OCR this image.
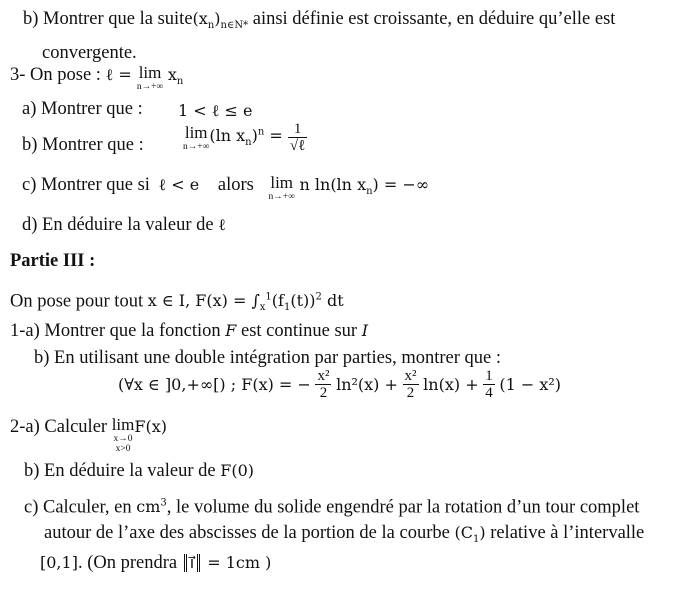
b) Montrer que la $suite(x_n)_{n\in N*}$ ainsi définie est croissante, en déduire qu’elle est
convergente.
3- On pose : ℓ = lim
n→+∞
$x_n$
a) Montrer que : 1 < ℓ ≤ e
b) Montrer que :
lim
n→+∞
(ln $x_n)^n = \frac{1}{\text{√ℓ}}$
c) Montrer que si ℓ < e alors lim
n→+∞
n ln(ln $x_n$) = −∞
d) En déduire la valeur de ℓ
Partie III :
On pose pour tout x ∈ I, $F(x) = \int_x^1(f_1(t))^2$ dt
1-a) Montrer que la fonction F est continue sur I
b) En utilisant une double intégration par parties, montrer que :
(∀x ∈ ]0,+∞[) ; F(x) = − $\frac{\text{x²}}{2} \ln^2(x) + \frac{\text{x²}}{2} \ln(x) + \frac{1}{4} (1 - x^2)$
2-a) Calculer lim
x→0
x>0
F(x)
b) En déduire la valeur de F(0)
c) Calculer, en $cm^3$, le volume du solide engendré par la rotation d’un tour complet
autour de l’axe des abscisses de la portion de la courbe $(C_1)$ relative à l’intervalle
[0,1]. (On prendra i⃗ = 1cm )
